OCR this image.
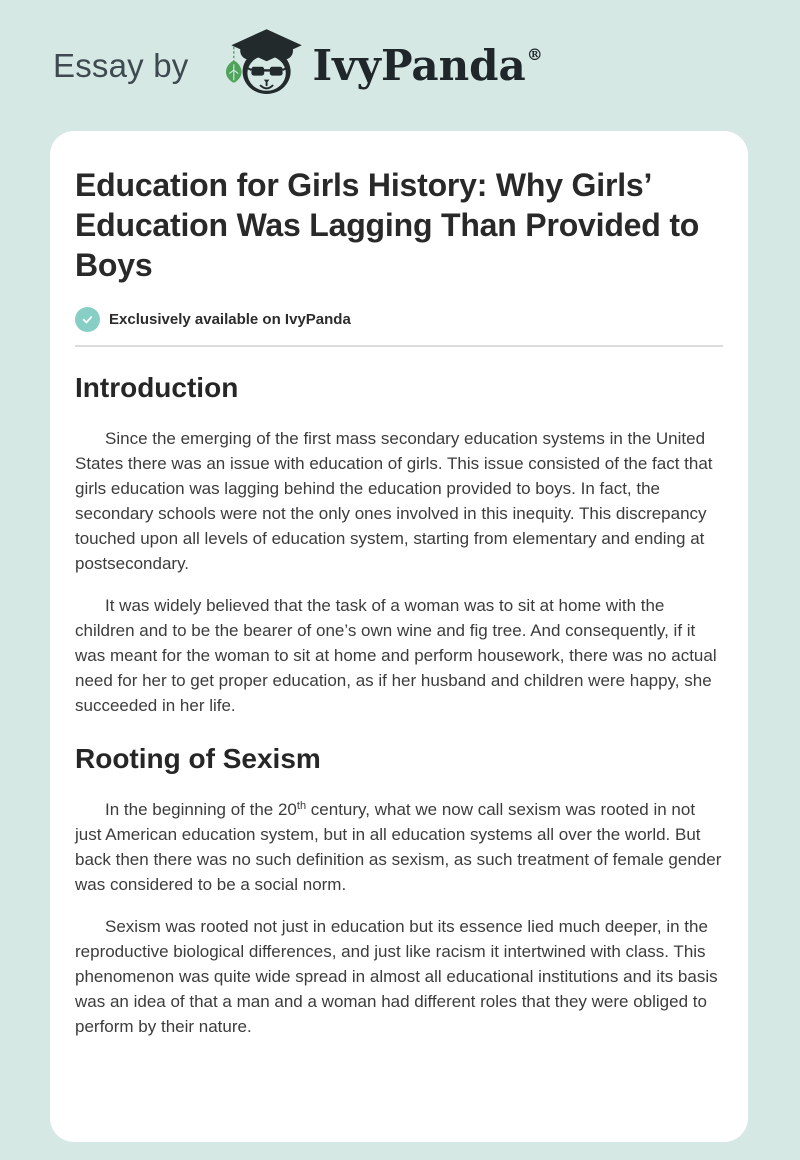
Essay by	IvyPanda®
Education for Girls History: Why Girls’ Education Was Lagging Than Provided to Boys
Exclusively available on IvyPanda
Introduction

Since the emerging of the first mass secondary education systems in the United States there was an issue with education of girls. This issue consisted of the fact that girls education was lagging behind the education provided to boys. In fact, the secondary schools were not the only ones involved in this inequity. This discrepancy touched upon all levels of education system, starting from elementary and ending at postsecondary.

It was widely believed that the task of a woman was to sit at home with the children and to be the bearer of one’s own wine and fig tree. And consequently, if it was meant for the woman to sit at home and perform housework, there was no actual need for her to get proper education, as if her husband and children were happy, she succeeded in her life.

Rooting of Sexism

In the beginning of the 20th century, what we now call sexism was rooted in not just American education system, but in all education systems all over the world. But back then there was no such definition as sexism, as such treatment of female gender was considered to be a social norm.

Sexism was rooted not just in education but its essence lied much deeper, in the reproductive biological differences, and just like racism it intertwined with class. This phenomenon was quite wide spread in almost all educational institutions and its basis was an idea of that a man and a woman had different roles that they were obliged to perform by their nature.
